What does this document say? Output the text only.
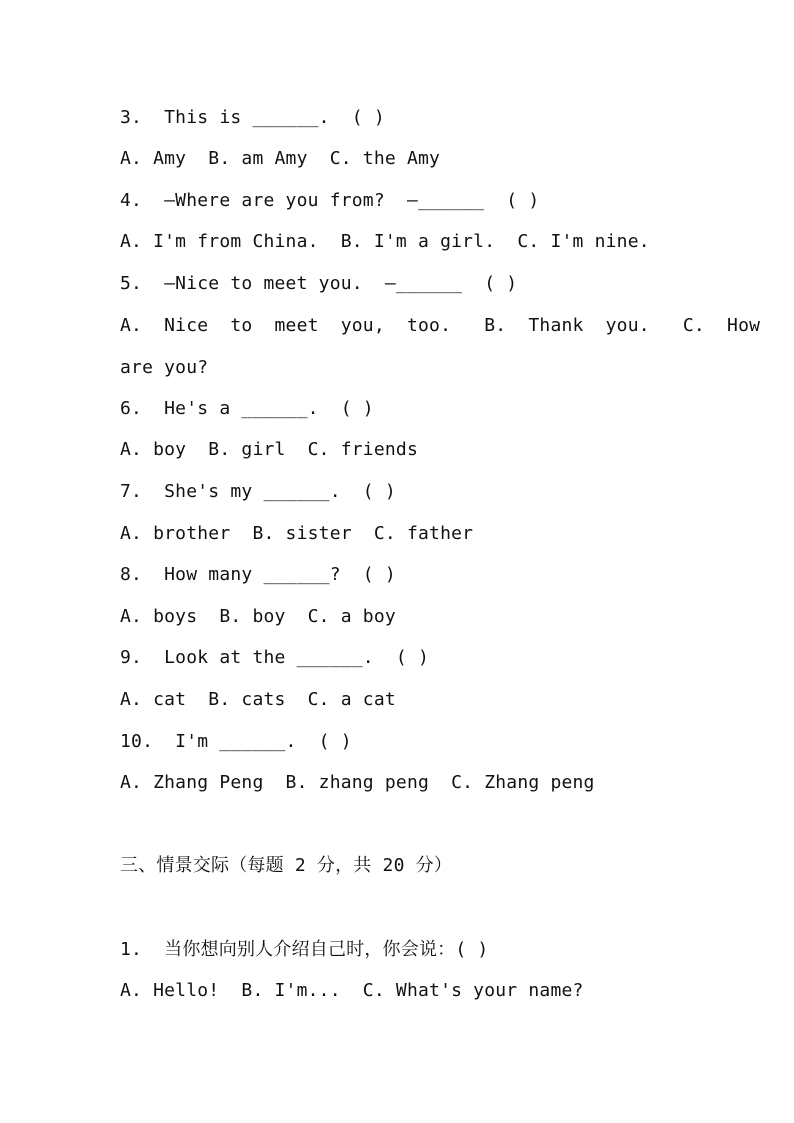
3.  This is ______.  ( )
A. Amy  B. am Amy  C. the Amy
4.  —Where are you from?  —______  ( )
A. I'm from China.  B. I'm a girl.  C. I'm nine.
5.  —Nice to meet you.  —______  ( )
A.  Nice  to  meet  you,  too.   B.  Thank  you.   C.  How
are you?
6.  He's a ______.  ( )
A. boy  B. girl  C. friends
7.  She's my ______.  ( )
A. brother  B. sister  C. father
8.  How many ______?  ( )
A. boys  B. boy  C. a boy
9.  Look at the ______.  ( )
A. cat  B. cats  C. a cat
10.  I'm ______.  ( )
A. Zhang Peng  B. zhang peng  C. Zhang peng
三、情景交际（每题 2 分，共 20 分）
1.  当你想向别人介绍自己时，你会说：( )
A. Hello!  B. I'm...  C. What's your name?
